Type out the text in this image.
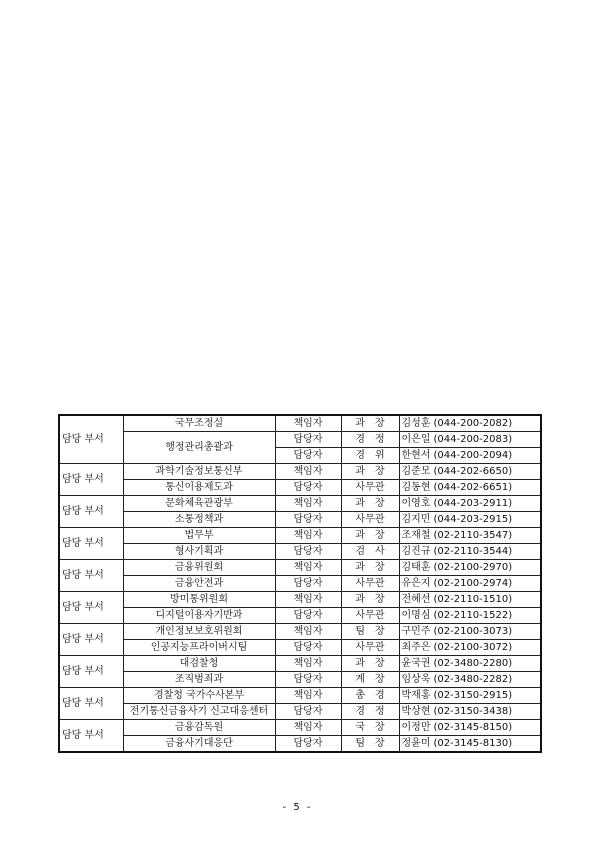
담당 부서	국무조정실	책임자	과　장	김성훈 (044-200-2082)
	행정관리총괄과	담당자	경　정	이은일 (044-200-2083)
		담당자	경　위	한현서 (044-200-2094)
담당 부서	과학기술정보통신부	책임자	과　장	김준모 (044-202-6650)
	통신이용제도과	담당자	사무관	김동현 (044-202-6651)
담당 부서	문화체육관광부	책임자	과　장	이영호 (044-203-2911)
	소통정책과	담당자	사무관	김지민 (044-203-2915)
담당 부서	법무부	책임자	과　장	조재철 (02-2110-3547)
	형사기획과	담당자	검　사	김진규 (02-2110-3544)
담당 부서	금융위원회	책임자	과　장	김태훈 (02-2100-2970)
	금융안전과	담당자	사무관	유은지 (02-2100-2974)
담당 부서	방미통위원회	책임자	과　장	전혜선 (02-2110-1510)
	디지털이용자기반과	담당자	사무관	이명심 (02-2110-1522)
담당 부서	개인정보보호위원회	책임자	팀　장	구민주 (02-2100-3073)
	인공지능프라이버시팀	담당자	사무관	최주은 (02-2100-3072)
담당 부서	대검찰청	책임자	과　장	윤국권 (02-3480-2280)
	조직범죄과	담당자	계　장	임상욱 (02-3480-2282)
담당 부서	경찰청 국가수사본부	책임자	총　경	박재홍 (02-3150-2915)
	전기통신금융사기 신고대응센터	담당자	경　정	박상현 (02-3150-3438)
담당 부서	금융감독원	책임자	국　장	이정만 (02-3145-8150)
	금융사기대응단	담당자	팀　장	정윤미 (02-3145-8130)
- 5 -
